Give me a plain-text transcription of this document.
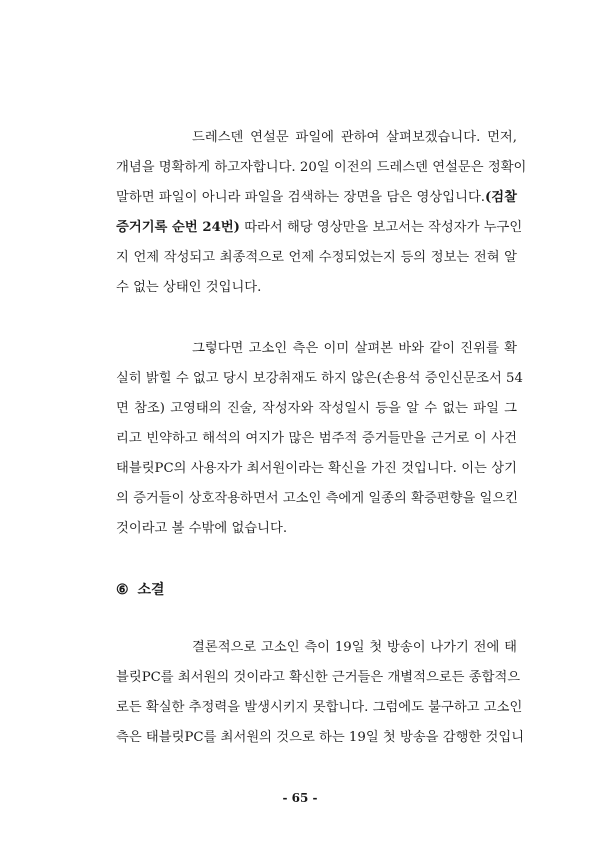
드레스덴 연설문 파일에 관하여 살펴보겠습니다. 먼저,
개념을 명확하게 하고자합니다. 20일 이전의 드레스덴 연설문은 정확이
말하면 파일이 아니라 파일을 검색하는 장면을 담은 영상입니다.(검찰
증거기록 순번 24번) 따라서 해당 영상만을 보고서는 작성자가 누구인
지 언제 작성되고 최종적으로 언제 수정되었는지 등의 정보는 전혀 알
수 없는 상태인 것입니다.
그렇다면 고소인 측은 이미 살펴본 바와 같이 진위를 확
실히 밝힐 수 없고 당시 보강취재도 하지 않은(손용석 증인신문조서 54
면 참조) 고영태의 진술, 작성자와 작성일시 등을 알 수 없는 파일 그
리고 빈약하고 해석의 여지가 많은 범주적 증거들만을 근거로 이 사건
태블릿PC의 사용자가 최서원이라는 확신을 가진 것입니다. 이는 상기
의 증거들이 상호작용하면서 고소인 측에게 일종의 확증편향을 일으킨
것이라고 볼 수밖에 없습니다.
⑥ 소결
결론적으로 고소인 측이 19일 첫 방송이 나가기 전에 태
블릿PC를 최서원의 것이라고 확신한 근거들은 개별적으로든 종합적으
로든 확실한 추정력을 발생시키지 못합니다. 그럼에도 불구하고 고소인
측은 태블릿PC를 최서원의 것으로 하는 19일 첫 방송을 감행한 것입니
- 65 -
